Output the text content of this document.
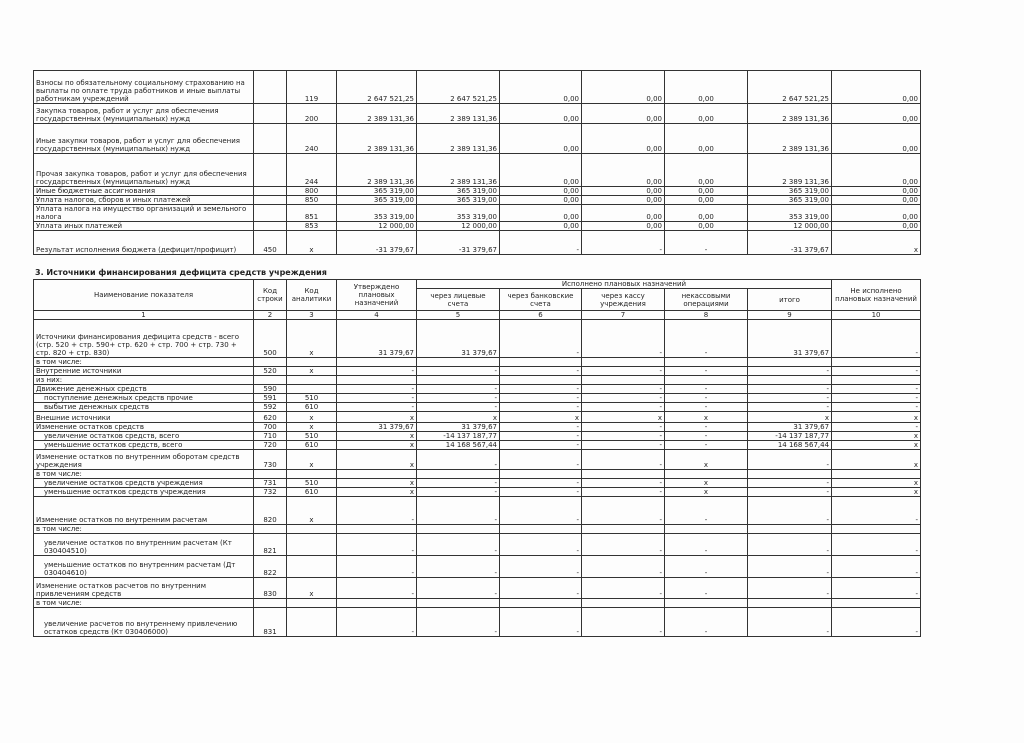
Взносы по обязательному социальному страхованию на выплаты по оплате труда работников и иные выплаты работникам учреждений		119	2 647 521,25	2 647 521,25	0,00	0,00	0,00	2 647 521,25	0,00
Закупка товаров, работ и услуг для обеспечения государственных (муниципальных) нужд		200	2 389 131,36	2 389 131,36	0,00	0,00	0,00	2 389 131,36	0,00
Иные закупки товаров, работ и услуг для обеспечения государственных (муниципальных) нужд		240	2 389 131,36	2 389 131,36	0,00	0,00	0,00	2 389 131,36	0,00
Прочая закупка товаров, работ и услуг для обеспечения государственных (муниципальных) нужд		244	2 389 131,36	2 389 131,36	0,00	0,00	0,00	2 389 131,36	0,00
Иные бюджетные ассигнования		800	365 319,00	365 319,00	0,00	0,00	0,00	365 319,00	0,00
Уплата налогов, сборов и иных платежей		850	365 319,00	365 319,00	0,00	0,00	0,00	365 319,00	0,00
Уплата налога на имущество организаций и земельного налога		851	353 319,00	353 319,00	0,00	0,00	0,00	353 319,00	0,00
Уплата иных платежей		853	12 000,00	12 000,00	0,00	0,00	0,00	12 000,00	0,00
Результат исполнения бюджета (дефицит/профицит)	450	x	-31 379,67	-31 379,67	-	-	-	-31 379,67	x
3. Источники финансирования дефицита средств учреждения
Наименование показателя	Код строки	Код аналитики	Утверждено плановых назначений	Исполнено плановых назначений					Не исполнено плановых назначений
				через лицевые счета	через банковские счета	через кассу учреждения	некассовыми операциями	итого	
1	2	3	4	5	6	7	8	9	10
Источники финансирования дефицита средств - всего (стр. 520 + стр. 590+ стр. 620 + стр. 700 + стр. 730 + стр. 820 + стр. 830)	500	x	31 379,67	31 379,67	-	-	-	31 379,67	-
в том числе:									
Внутренние источники	520	x	-	-	-	-	-	-	-
из них:									
Движение денежных средств	590		-	-	-	-	-	-	-
поступление денежных средств прочие	591	510	-	-	-	-	-	-	-
выбытие денежных средств	592	610	-	-	-	-	-	-	-
Внешние источники	620	x	x	x	x	x	x	x	x
Изменение остатков средств	700	x	31 379,67	31 379,67	-	-	-	31 379,67	-
увеличение остатков средств, всего	710	510	x	-14 137 187,77	-	-	-	-14 137 187,77	x
уменьшение остатков средств, всего	720	610	x	14 168 567,44	-	-	-	14 168 567,44	x
Изменение остатков по внутренним оборотам средств учреждения	730	x	x	-	-	-	x	-	x
в том числе:									
увеличение остатков средств учреждения	731	510	x	-	-	-	x	-	x
уменьшение остатков средств учреждения	732	610	x	-	-	-	x	-	x
Изменение остатков по внутренним расчетам	820	x	-	-	-	-	-	-	-
в том числе:									
увеличение остатков по внутренним расчетам (Кт 030404510)	821		-	-	-	-	-	-	-
уменьшение остатков по внутренним расчетам (Дт 030404610)	822		-	-	-	-	-	-	-
Изменение остатков расчетов по внутренним привлечениям средств	830	x	-	-	-	-	-	-	-
в том числе:									
увеличение расчетов по внутреннему привлечению остатков средств (Кт 030406000)	831		-	-	-	-	-	-	-
